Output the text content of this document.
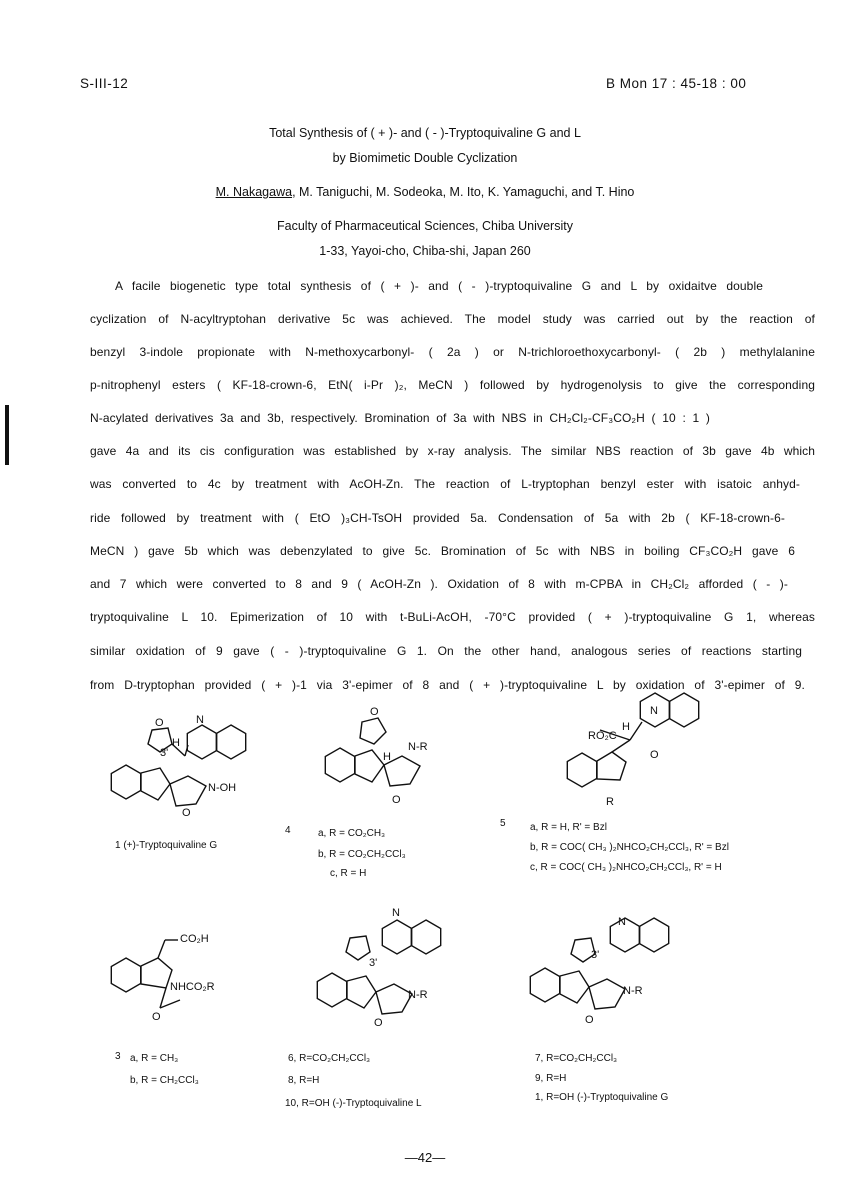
S-III-12	B Mon 17 : 45-18 : 00
Total Synthesis of ( + )- and ( - )-Tryptoquivaline G and L
by Biomimetic Double Cyclization
M. Nakagawa, M. Taniguchi, M. Sodeoka, M. Ito, K. Yamaguchi, and T. Hino
Faculty of Pharmaceutical Sciences, Chiba University
1-33, Yayoi-cho, Chiba-shi, Japan 260
A facile biogenetic type total synthesis of ( + )- and ( - )-tryptoquivaline G and L by oxidaitve double
cyclization of N-acyltryptohan derivative 5c was achieved. The model study was carried out by the reaction of
benzyl 3-indole propionate with N-methoxycarbonyl- ( 2a ) or N-trichloroethoxycarbonyl- ( 2b ) methylalanine
p-nitrophenyl esters ( KF-18-crown-6, EtN( i-Pr )₂, MeCN ) followed by hydrogenolysis to give the corresponding
N-acylated derivatives 3a and 3b, respectively. Bromination of 3a with NBS in CH₂Cl₂-CF₃CO₂H ( 10 : 1 )
gave 4a and its cis configuration was established by x-ray analysis. The similar NBS reaction of 3b gave 4b which
was converted to 4c by treatment with AcOH-Zn. The reaction of L-tryptophan benzyl ester with isatoic anhyd-
ride followed by treatment with ( EtO )₃CH-TsOH provided 5a. Condensation of 5a with 2b ( KF-18-crown-6-
MeCN ) gave 5b which was debenzylated to give 5c. Bromination of 5c with NBS in boiling CF₃CO₂H gave 6
and 7 which were converted to 8 and 9 ( AcOH-Zn ). Oxidation of 8 with m-CPBA in CH₂Cl₂ afforded ( - )-
tryptoquivaline L 10. Epimerization of 10 with t-BuLi-AcOH, -70°C provided ( + )-tryptoquivaline G 1, whereas
similar oxidation of 9 gave ( - )-tryptoquivaline G 1. On the other hand, analogous series of reactions starting
from D-tryptophan provided ( + )-1 via 3'-epimer of 8 and ( + )-tryptoquivaline L by oxidation of 3'-epimer of 9.
N
O
H
3'
N-OH
O
N-R
H
O
O
RO₂C
H
N
O
R
CO₂H
NHCO₂R
O
N
3'
N-R
O
N
3'
N-R
O
1 (+)-Tryptoquivaline G
4	a, R = CO₂CH₃
b, R = CO₂CH₂CCl₃
c, R = H
5 a, R = H, R' = Bzl
b, R = COC( CH₃ )₂NHCO₂CH₂CCl₃, R' = Bzl
c, R = COC( CH₃ )₂NHCO₂CH₂CCl₃, R' = H
3 a, R = CH₃
b, R = CH₂CCl₃
6, R=CO₂CH₂CCl₃
8, R=H
10, R=OH (-)-Tryptoquivaline L
7, R=CO₂CH₂CCl₃
9, R=H
1, R=OH (-)-Tryptoquivaline G
—42—
